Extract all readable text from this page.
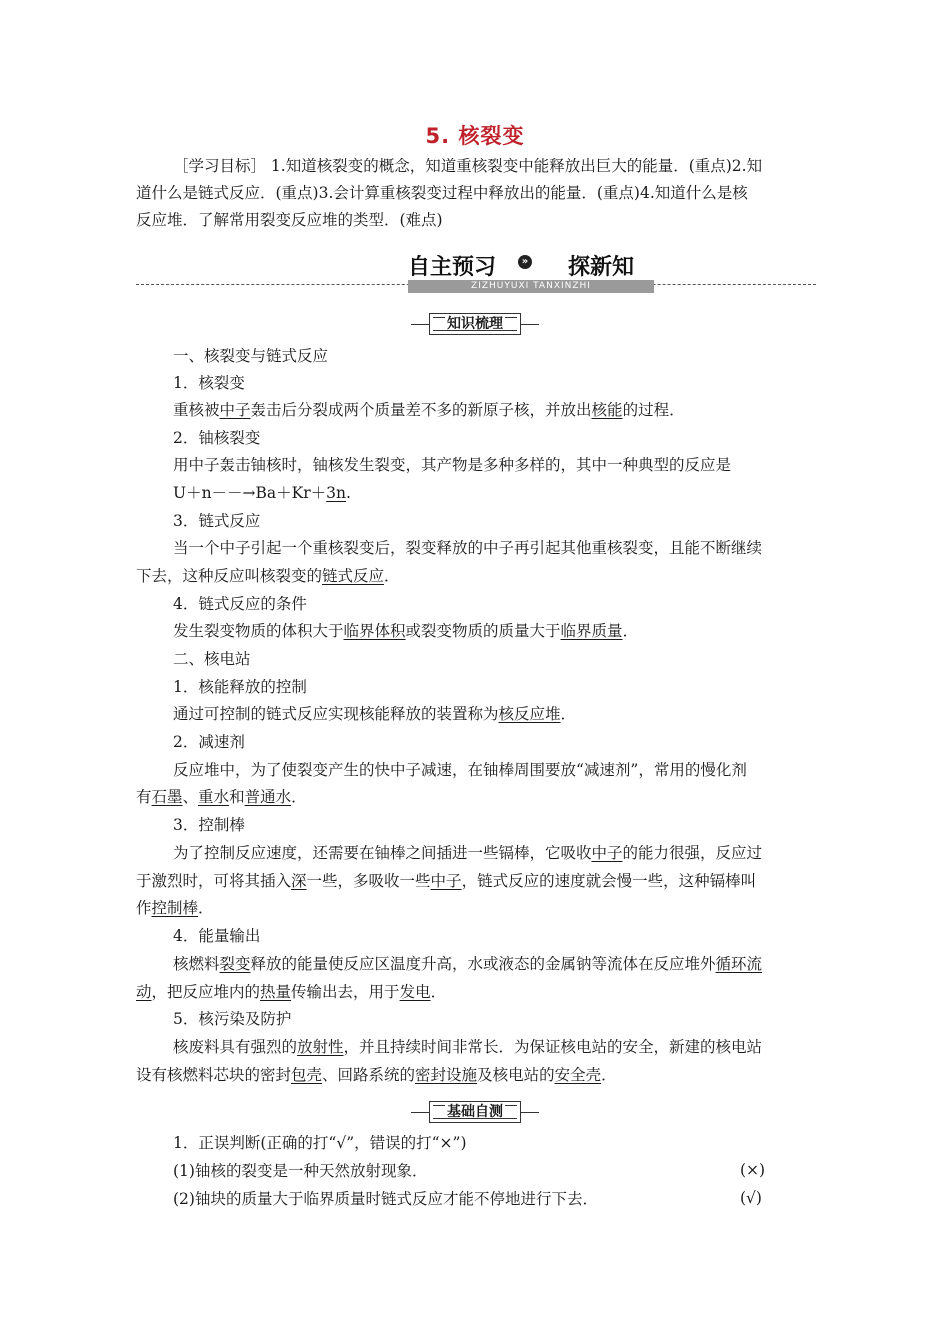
5. 核裂变
［学习目标］ 1.知道核裂变的概念，知道重核裂变中能释放出巨大的能量．(重点)2.知
道什么是链式反应．(重点)3.会计算重核裂变过程中释放出的能量．(重点)4.知道什么是核
反应堆．了解常用裂变反应堆的类型．(难点)
自主预习	» 探新知
ZIZHUYUXI TANXINZHI
知识梳理
一、核裂变与链式反应
1．核裂变
重核被中子轰击后分裂成两个质量差不多的新原子核，并放出核能的过程．
2．铀核裂变
用中子轰击铀核时，铀核发生裂变，其产物是多种多样的，其中一种典型的反应是
U＋n－－→Ba＋Kr＋3n.
3．链式反应
当一个中子引起一个重核裂变后，裂变释放的中子再引起其他重核裂变，且能不断继续
下去，这种反应叫核裂变的链式反应．
4．链式反应的条件
发生裂变物质的体积大于临界体积或裂变物质的质量大于临界质量．
二、核电站
1．核能释放的控制
通过可控制的链式反应实现核能释放的装置称为核反应堆．
2．减速剂
反应堆中，为了使裂变产生的快中子减速，在铀棒周围要放“减速剂”，常用的慢化剂
有石墨、重水和普通水．
3．控制棒
为了控制反应速度，还需要在铀棒之间插进一些镉棒，它吸收中子的能力很强，反应过
于激烈时，可将其插入深一些，多吸收一些中子，链式反应的速度就会慢一些，这种镉棒叫
作控制棒．
4．能量输出
核燃料裂变释放的能量使反应区温度升高，水或液态的金属钠等流体在反应堆外循环流
动，把反应堆内的热量传输出去，用于发电．
5．核污染及防护
核废料具有强烈的放射性，并且持续时间非常长．为保证核电站的安全，新建的核电站
设有核燃料芯块的密封包壳、回路系统的密封设施及核电站的安全壳．
基础自测
1．正误判断(正确的打“√”，错误的打“×”)
(1)铀核的裂变是一种天然放射现象．	(×)
(2)铀块的质量大于临界质量时链式反应才能不停地进行下去．	(√)
